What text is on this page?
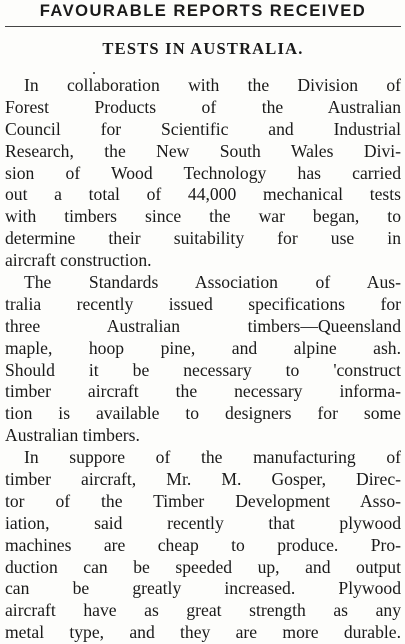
FAVOURABLE REPORTS RECEIVED
TESTS IN AUSTRALIA.

In collaboration with the Division of
Forest Products of the Australian
Council for Scientific and Industrial
Research, the New South Wales Divi-
sion of Wood Technology has carried
out a total of 44,000 mechanical tests
with timbers since the war began, to
determine their suitability for use in
aircraft construction.

The Standards Association of Aus-
tralia recently issued specifications for
three Australian timbers—Queensland
maple, hoop pine, and alpine ash.
Should it be necessary to 'construct
timber aircraft the necessary informa-
tion is available to designers for some
Australian timbers.

In suppore of the manufacturing of
timber aircraft, Mr. M. Gosper, Direc-
tor of the Timber Development Asso-
iation, said recently that plywood
machines are cheap to produce. Pro-
duction can be speeded up, and output
can be greatly increased. Plywood
aircraft have as great strength as any
metal type, and they are more durable.
